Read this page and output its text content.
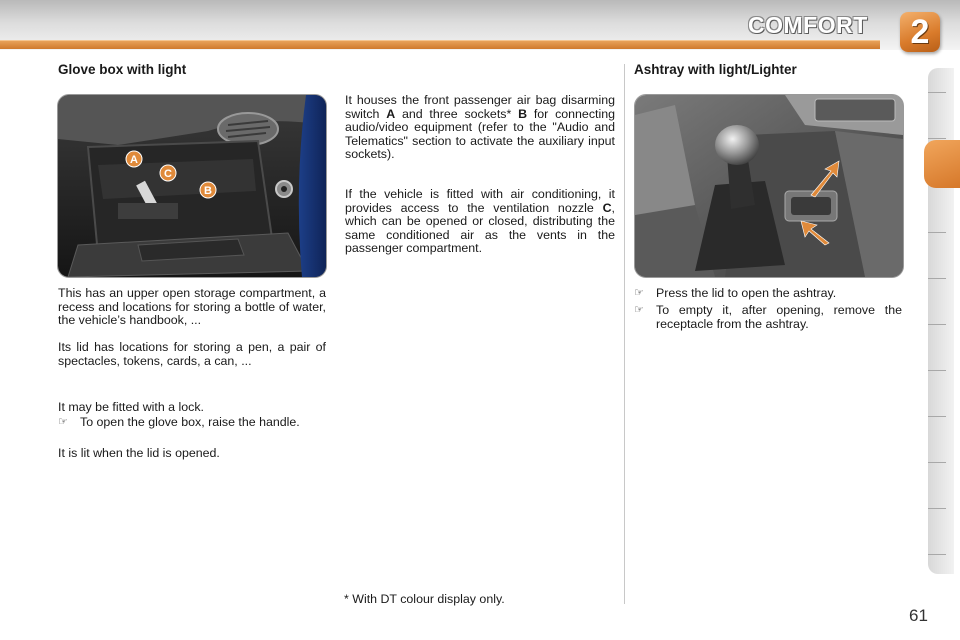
COMFORT 2
Glove box with light
A
C
B

This has an upper open storage compartment, a recess and locations for storing a bottle of water, the vehicle’s handbook, ...

Its lid has locations for storing a pen, a pair of spectacles, tokens, cards, a can, ...

It may be fitted with a lock.

☞ To open the glove box, raise the handle.

It is lit when the lid is opened.

It houses the front passenger air bag disarming switch A and three sockets* B for connecting audio/video equipment (refer to the "Audio and Telematics" section to activate the auxiliary input sockets).

If the vehicle is fitted with air conditioning, it provides access to the ventilation nozzle C, which can be opened or closed, distributing the same conditioned air as the vents in the passenger compartment.

Ashtray with light/Lighter
☞ Press the lid to open the ashtray.
☞ To empty it, after opening, remove the receptacle from the ashtray.
* With DT colour display only.
61
